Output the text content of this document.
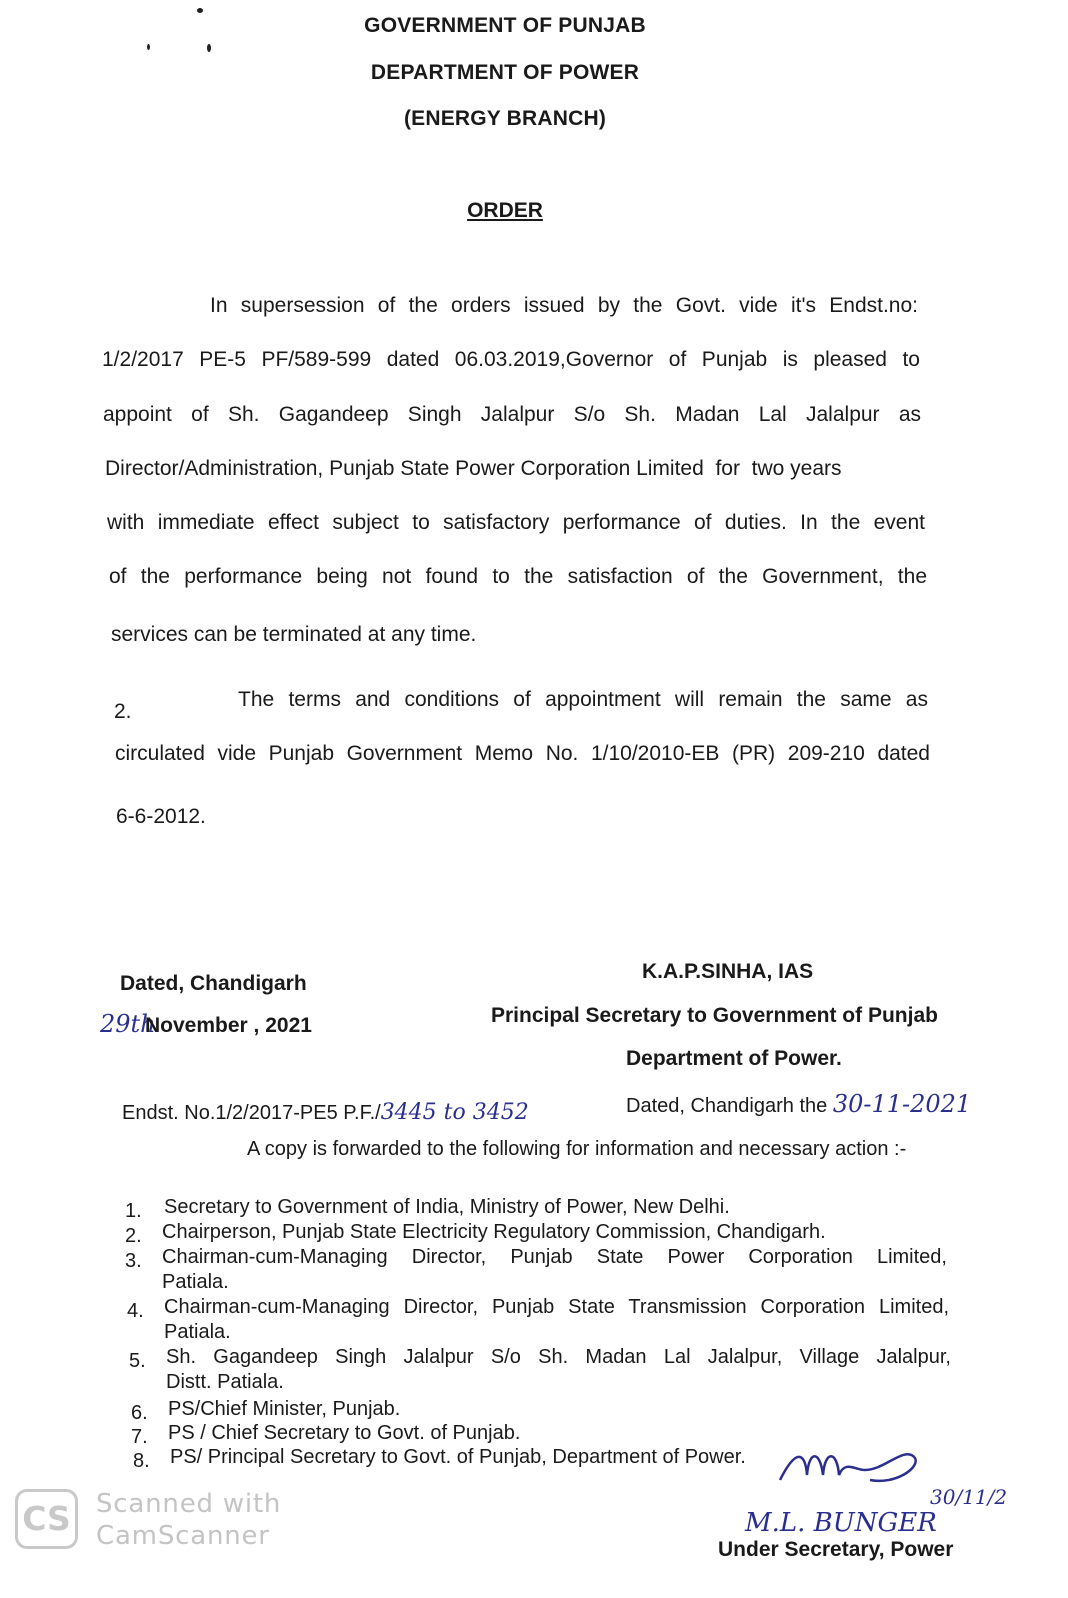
GOVERNMENT OF PUNJAB
DEPARTMENT OF POWER
(ENERGY BRANCH)
ORDER
In supersession of the orders issued by the Govt. vide it's Endst.no:
1/2/2017 PE-5 PF/589-599 dated 06.03.2019,Governor of Punjab is pleased to
appoint of Sh. Gagandeep Singh Jalalpur S/o Sh. Madan Lal Jalalpur as
Director/Administration, Punjab State Power Corporation Limited  for  two years
with immediate effect subject to satisfactory performance of duties. In the event
of the performance being not found to the satisfaction of the Government, the
services can be terminated at any time.
2.
The terms and conditions of appointment will remain the same as
circulated vide Punjab Government Memo No. 1/10/2010-EB (PR) 209-210 dated
6-6-2012.
Dated, Chandigarh
29th
November , 2021
K.A.P.SINHA, IAS
Principal Secretary to Government of Punjab
Department of Power.
Endst. No.1/2/2017-PE5 P.F./3445 to 3452	Dated, Chandigarh the 30-11-2021
A copy is forwarded to the following for information and necessary action :-
1. Secretary to Government of India, Ministry of Power, New Delhi.
2. Chairperson, Punjab State Electricity Regulatory Commission, Chandigarh.
3. Chairman-cum-Managing Director, Punjab State Power Corporation Limited,
Patiala.
4. Chairman-cum-Managing Director, Punjab State Transmission Corporation Limited,
Patiala.
5. Sh. Gagandeep Singh Jalalpur S/o Sh. Madan Lal Jalalpur, Village Jalalpur,
Distt. Patiala.
6. PS/Chief Minister, Punjab.
7. PS / Chief Secretary to Govt. of Punjab.
8. PS/ Principal Secretary to Govt. of Punjab, Department of Power.
M.L. BUNGER
30/11/2
Under Secretary, Power
CS Scanned with
CamScanner
